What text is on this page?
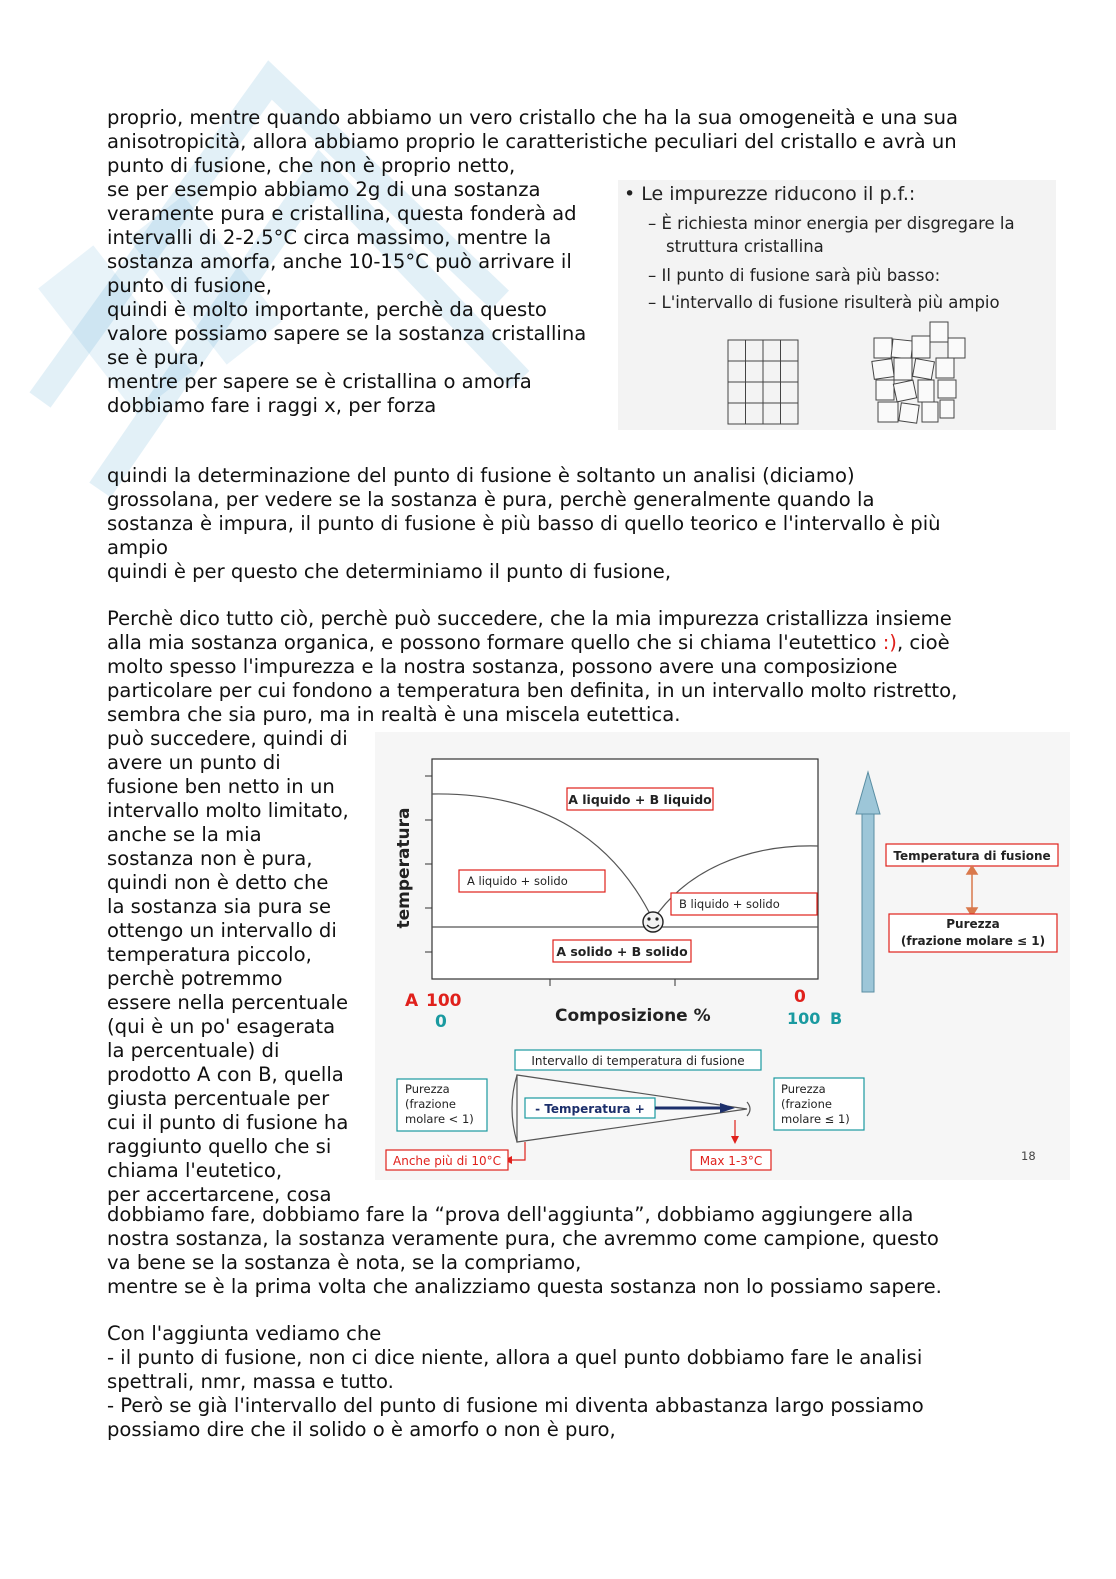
proprio, mentre quando abbiamo un vero cristallo che ha la sua omogeneità e una sua
anisotropicità, allora abbiamo proprio le caratteristiche peculiari del cristallo e avrà un
punto di fusione, che non è proprio netto,
se per esempio abbiamo 2g di una sostanza
veramente pura e cristallina, questa fonderà ad
intervalli di 2-2.5°C circa massimo, mentre la
sostanza amorfa, anche 10-15°C può arrivare il
punto di fusione,
quindi è molto importante, perchè da questo
valore possiamo sapere se la sostanza cristallina
se è pura,
mentre per sapere se è cristallina o amorfa
dobbiamo fare i raggi x, per forza
• Le impurezze riducono il p.f.:
– È richiesta minor energia per disgregare la
struttura cristallina
– Il punto di fusione sarà più basso:
– L'intervallo di fusione risulterà più ampio
quindi la determinazione del punto di fusione è soltanto un analisi (diciamo)
grossolana, per vedere se la sostanza è pura, perchè generalmente quando la
sostanza è impura, il punto di fusione è più basso di quello teorico e l'intervallo è più
ampio
quindi è per questo che determiniamo il punto di fusione,
Perchè dico tutto ciò, perchè può succedere, che la mia impurezza cristallizza insieme
alla mia sostanza organica, e possono formare quello che si chiama l'eutettico :), cioè
molto spesso l'impurezza e la nostra sostanza, possono avere una composizione
particolare per cui fondono a temperatura ben definita, in un intervallo molto ristretto,
sembra che sia puro, ma in realtà è una miscela eutettica.
può succedere, quindi di
avere un punto di
fusione ben netto in un
intervallo molto limitato,
anche se la mia
sostanza non è pura,
quindi non è detto che
la sostanza sia pura se
ottengo un intervallo di
temperatura piccolo,
perchè potremmo
essere nella percentuale
(qui è un po' esagerata
la percentuale) di
prodotto A con B, quella
giusta percentuale per
cui il punto di fusione ha
raggiunto quello che si
chiama l'eutetico,
per accertarcene, cosa
A liquido + B liquido
A liquido + solido
B liquido + solido
A solido + B solido
temperatura
A 100
0	Composizione %
0
100 B
Temperatura di fusione
Purezza
(frazione molare ≤ 1)
Intervallo di temperatura di fusione
- Temperatura +
Purezza
(frazione
molare < 1)
Purezza
(frazione
molare ≤ 1)
Anche più di 10°C	Max 1-3°C	18
dobbiamo fare, dobbiamo fare la “prova dell'aggiunta”, dobbiamo aggiungere alla
nostra sostanza, la sostanza veramente pura, che avremmo come campione, questo
va bene se la sostanza è nota, se la compriamo,
mentre se è la prima volta che analizziamo questa sostanza non lo possiamo sapere.
Con l'aggiunta vediamo che
- il punto di fusione, non ci dice niente, allora a quel punto dobbiamo fare le analisi
spettrali, nmr, massa e tutto.
- Però se già l'intervallo del punto di fusione mi diventa abbastanza largo possiamo
possiamo dire che il solido o è amorfo o non è puro,
